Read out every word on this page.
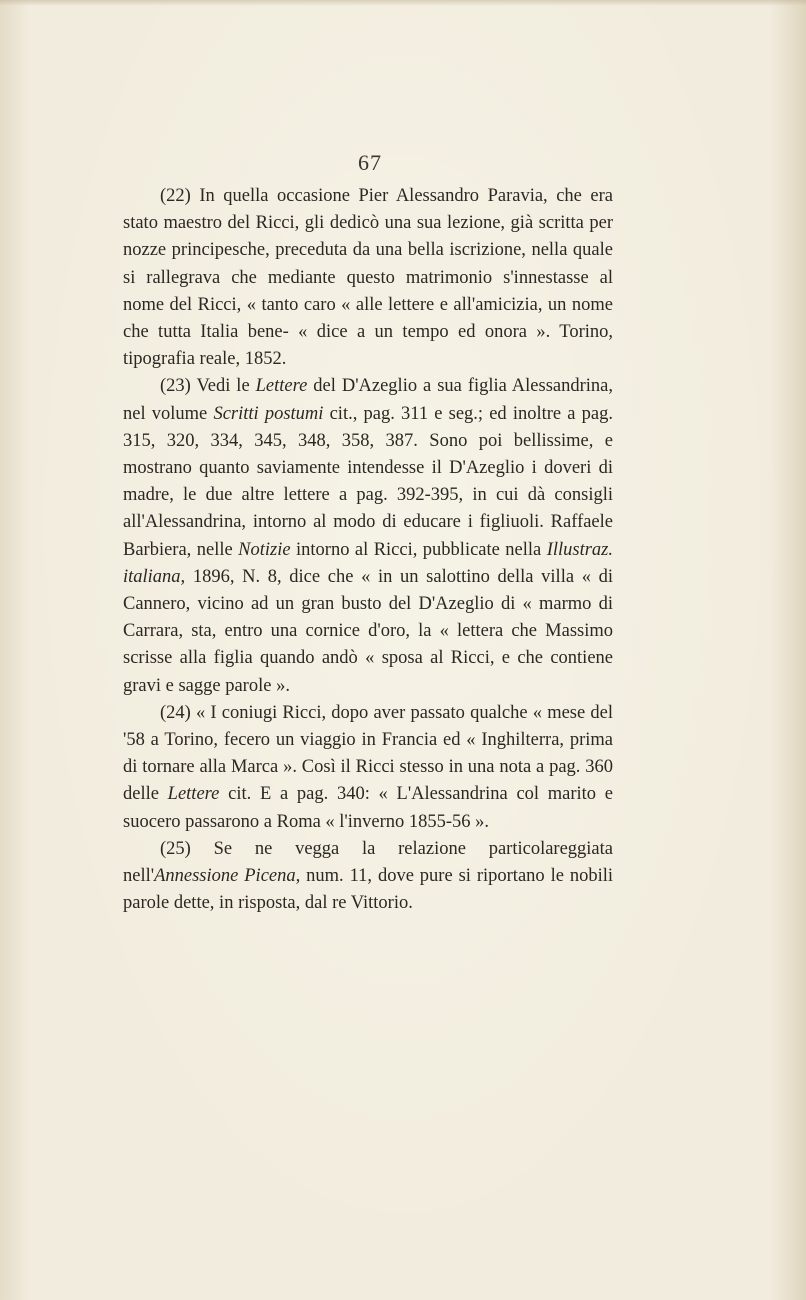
67

(22) In quella occasione Pier Alessandro Paravia, che era stato maestro del Ricci, gli dedicò una sua lezione, già scritta per nozze principesche, preceduta da una bella iscrizione, nella quale si rallegrava che mediante questo matrimonio s'innestasse al nome del Ricci, « tanto caro « alle lettere e all'amicizia, un nome che tutta Italia bene- « dice a un tempo ed onora ». Torino, tipografia reale, 1852.

(23) Vedi le Lettere del D'Azeglio a sua figlia Alessandrina, nel volume Scritti postumi cit., pag. 311 e seg.; ed inoltre a pag. 315, 320, 334, 345, 348, 358, 387. Sono poi bellissime, e mostrano quanto saviamente intendesse il D'Azeglio i doveri di madre, le due altre lettere a pag. 392-395, in cui dà consigli all'Alessandrina, intorno al modo di educare i figliuoli. Raffaele Barbiera, nelle Notizie intorno al Ricci, pubblicate nella Illustraz. italiana, 1896, N. 8, dice che « in un salottino della villa « di Cannero, vicino ad un gran busto del D'Azeglio di « marmo di Carrara, sta, entro una cornice d'oro, la « lettera che Massimo scrisse alla figlia quando andò « sposa al Ricci, e che contiene gravi e sagge parole ».

(24) « I coniugi Ricci, dopo aver passato qualche « mese del '58 a Torino, fecero un viaggio in Francia ed « Inghilterra, prima di tornare alla Marca ». Così il Ricci stesso in una nota a pag. 360 delle Lettere cit. E a pag. 340: « L'Alessandrina col marito e suocero passarono a Roma « l'inverno 1855-56 ».

(25) Se ne vegga la relazione particolareggiata nell'Annessione Picena, num. 11, dove pure si riportano le nobili parole dette, in risposta, dal re Vittorio.
